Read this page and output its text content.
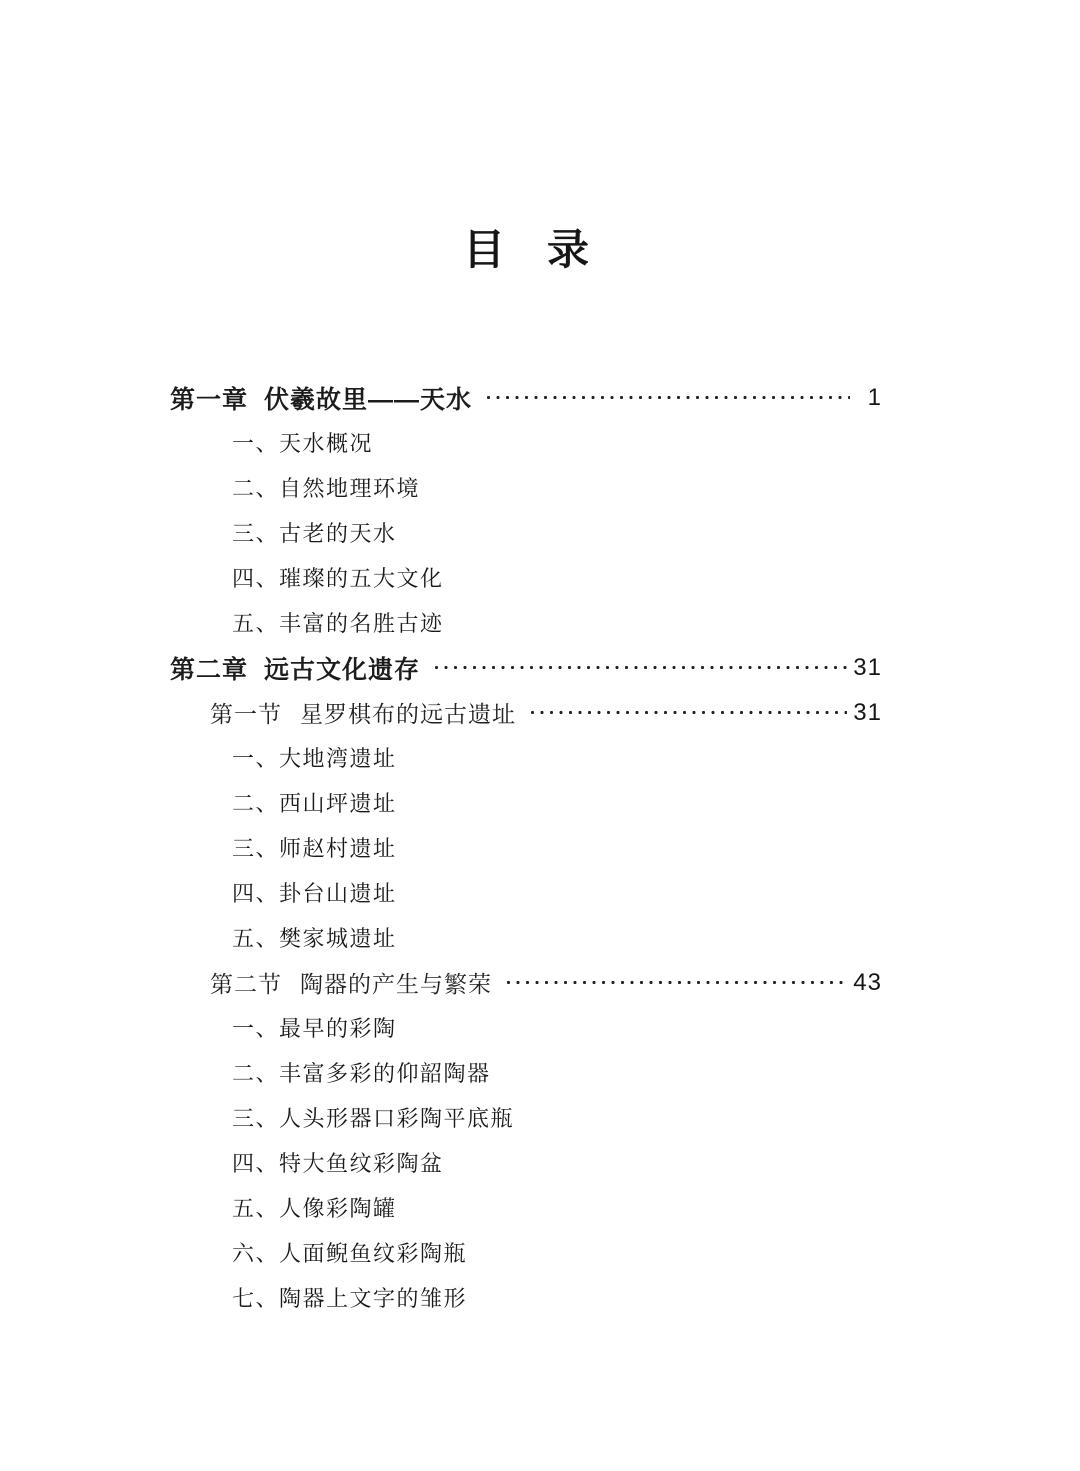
目　录
第一章 伏羲故里——天水	1
一、天水概况
二、自然地理环境
三、古老的天水
四、璀璨的五大文化
五、丰富的名胜古迹
第二章 远古文化遗存	31
第一节 星罗棋布的远古遗址	31
一、大地湾遗址
二、西山坪遗址
三、师赵村遗址
四、卦台山遗址
五、樊家城遗址
第二节 陶器的产生与繁荣	43
一、最早的彩陶
二、丰富多彩的仰韶陶器
三、人头形器口彩陶平底瓶
四、特大鱼纹彩陶盆
五、人像彩陶罐
六、人面鲵鱼纹彩陶瓶
七、陶器上文字的雏形
